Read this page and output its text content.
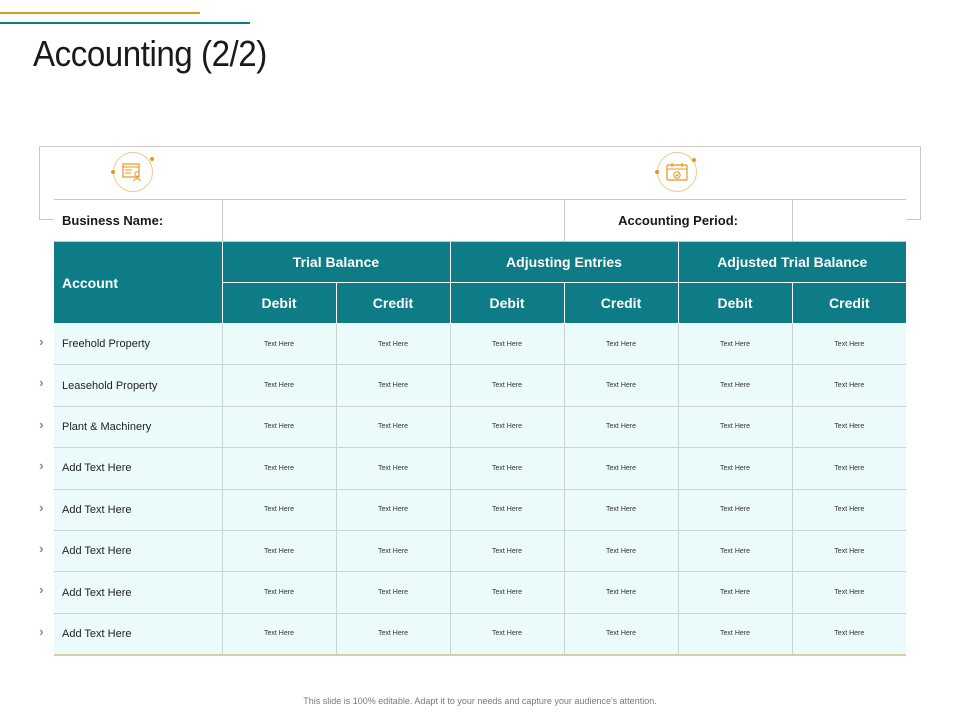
Accounting (2/2)
Business Name:				Accounting Period:		
Account	Trial Balance		Adjusting Entries		Adjusted Trial Balance	
	Debit	Credit	Debit	Credit	Debit	Credit
Freehold Property	Text Here	Text Here	Text Here	Text Here	Text Here	Text Here
Leasehold Property	Text Here	Text Here	Text Here	Text Here	Text Here	Text Here
Plant & Machinery	Text Here	Text Here	Text Here	Text Here	Text Here	Text Here
Add Text Here	Text Here	Text Here	Text Here	Text Here	Text Here	Text Here
Add Text Here	Text Here	Text Here	Text Here	Text Here	Text Here	Text Here
Add Text Here	Text Here	Text Here	Text Here	Text Here	Text Here	Text Here
Add Text Here	Text Here	Text Here	Text Here	Text Here	Text Here	Text Here
Add Text Here	Text Here	Text Here	Text Here	Text Here	Text Here	Text Here
This slide is 100% editable. Adapt it to your needs and capture your audience's attention.
››
››
››
››
››
››
››
››
